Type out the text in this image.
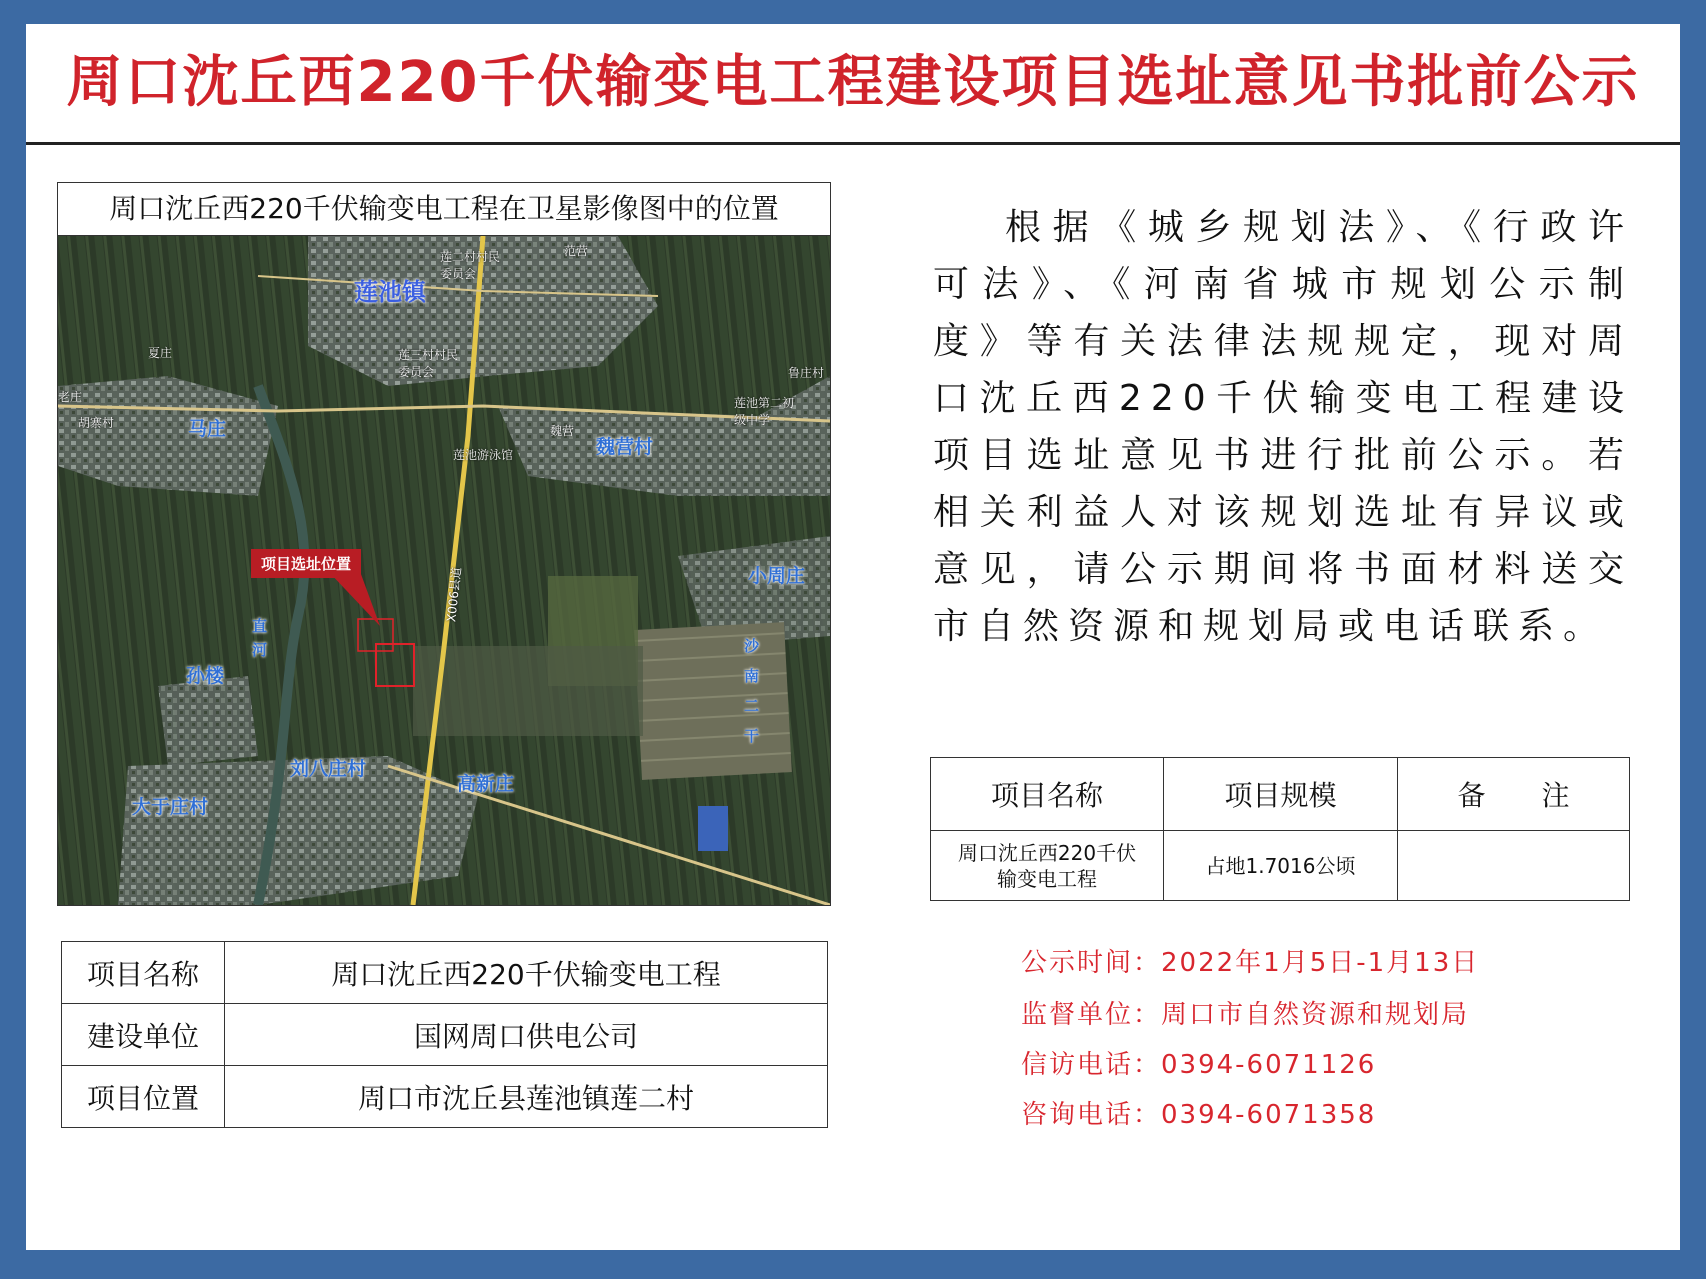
周口沈丘西220千伏输变电工程建设项目选址意见书批前公示
周口沈丘西220千伏输变电工程在卫星影像图中的位置
项目选址位置
X006县道
莲池镇
马庄
魏营村
小周庄
孙楼
刘八庄村
高新庄
大于庄村
直河	沙南二干
莲二村村民委员会
莲三村村民委员会
莲池游泳馆
莲池第二初级中学
鲁庄村
夏庄
胡寨村
范营
老庄
魏营
项目名称	周口沈丘西220千伏输变电工程
建设单位	国网周口供电公司
项目位置	周口市沈丘县莲池镇莲二村
根据《城乡规划法》、《行政许可法》、《河南省城市规划公示制度》等有关法律法规规定，现对周口沈丘西220千伏输变电工程建设项目选址意见书进行批前公示。若相关利益人对该规划选址有异议或意见，请公示期间将书面材料送交市自然资源和规划局或电话联系。
项目名称	项目规模	备　　注

周口沈丘西220千伏输变电工程	占地1.7016公顷	
公示时间：2022年1月5日-1月13日
监督单位：周口市自然资源和规划局
信访电话：0394-6071126
咨询电话：0394-6071358
